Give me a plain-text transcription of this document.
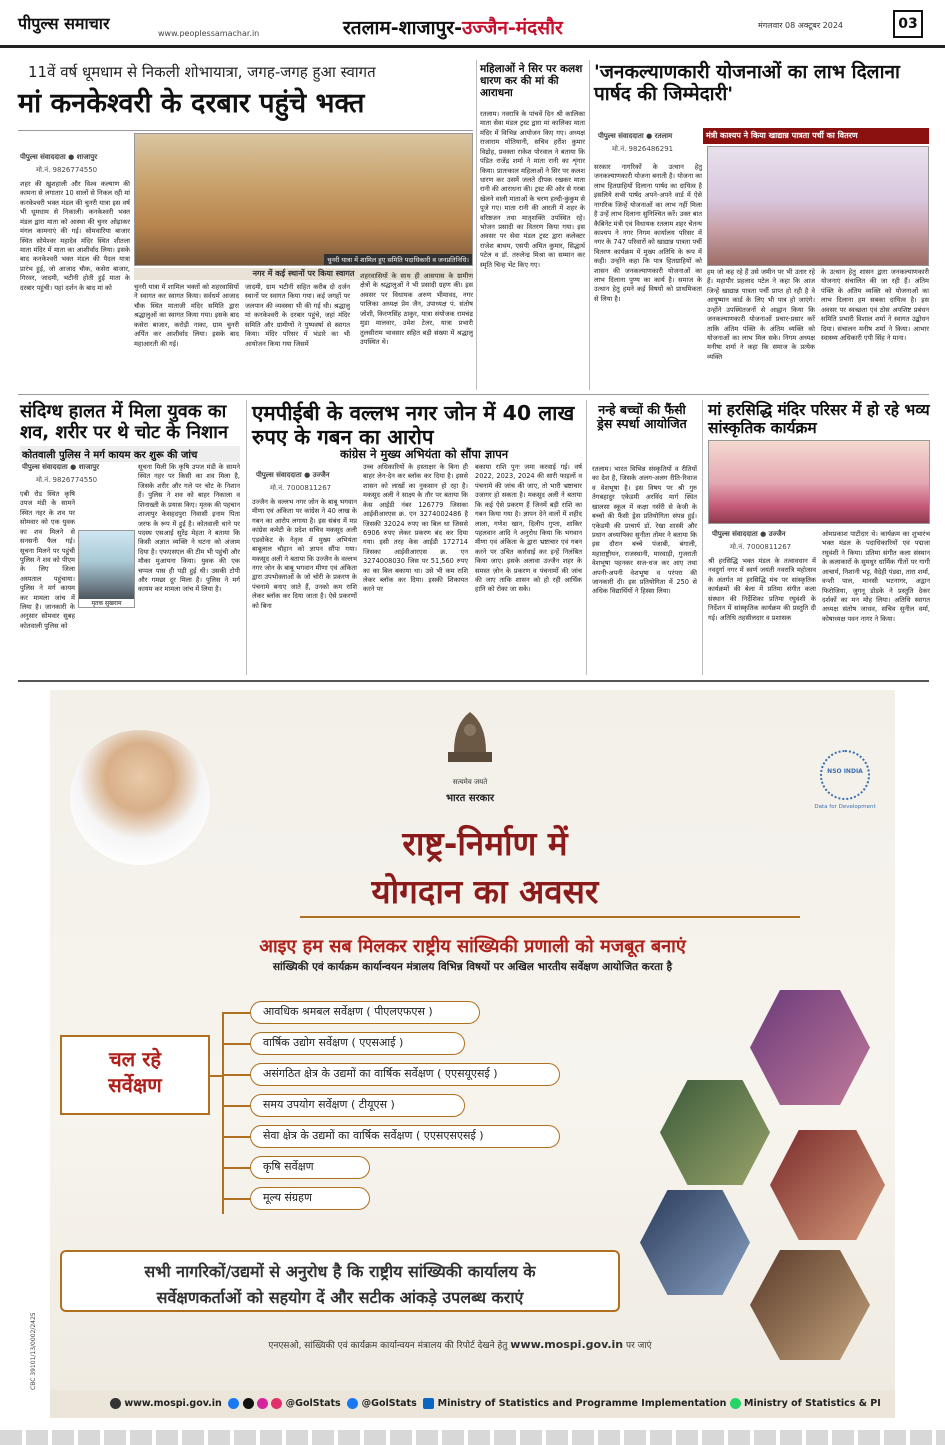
पीपुल्स समाचार
www.peoplessamachar.in	रतलाम-शाजापुर-उज्जैन-मंदसौर	मंगलवार 08 अक्टूबर 2024	03
11वें वर्ष धूमधाम से निकली शोभायात्रा, जगह-जगह हुआ स्वागत
मां कनकेश्वरी के दरबार पहुंचे भक्त
पीपुल्स संवाददाता ● शाजापुर
मो.नं. 9826774550
शहर की खुशहाली और विश्व कल्याण की कामना से लगातार 10 सालों से निकल रही मां कनकेश्वरी भक्त मंडल की चुनरी यात्रा इस वर्ष भी धूमधाम से निकाली। कनकेश्वरी भक्त मंडल द्वारा माता को आस्था की चुनर ओढ़ाकर मंगल कामनाएं की गई। सोमवारिया बाजार स्थित सोमेश्वर महादेव मंदिर स्थित शीतला माता मंदिर में माता का आशीर्वाद लिया। इसके बाद कनकेश्वरी भक्त मंडल की पैदल यात्रा प्रारंभ हुई, जो आजाद चौक, कसेरा बाजार, गिरवर, जादमी, भटीनी होती हुई माता के दरबार पहुंची। यहां दर्शन के बाद मां को
चुनरी यात्रा में शामिल हुए समिति पदाधिकारी व जनप्रतिनिधि।
नगर में कई स्थानों पर किया स्वागत
चुनरी यात्रा में शामिल भक्तों को शहरवासियों ने स्वागत कर स्वागत किया। सर्वधर्म आजाद चौक स्थित माताजी मंदिर समिति द्वारा श्रद्धालुओं का स्वागत किया गया। इसके बाद कसेरा बाजार, करोड़ी नाका, ग्राम चुनरी अर्पित कर आशीर्वाद लिया। इसके बाद महाआरती की गई।
जादमी, ग्राम भटीनी सहित करीब दो दर्जन स्थानों पर स्वागत किया गया। कई जगहों पर जलपान की व्यवस्था भी की गई थी। श्रद्धालु मां कनकेश्वरी के दरबार पहुंचे, जहां मंदिर समिति और ग्रामीणों ने पुष्पवर्षा से स्वागत किया। मंदिर परिसर में भंडारे का भी आयोजन किया गया जिसमें
शहरवासियों के साथ ही आसपास के ग्रामीण क्षेत्रों के श्रद्धालुओं ने भी प्रसादी ग्रहण की। इस अवसर पर विधायक अरुण भीमावद, नगर पालिका अध्यक्ष प्रेम जैन, उपाध्यक्ष पं. संतोष जोशी, किरणसिंह ठाकुर, यात्रा संयोजक रामचंद्र मुडा मालवार, उमेश टेलर, यात्रा प्रभारी तुलसीराम भावसार सहित बड़ी संख्या में श्रद्धालु उपस्थित थे।
महिलाओं ने सिर पर कलश धारण कर की मां की आराधना
रतलाम। नवरात्रि के पांचवें दिन श्री कालिका माता सेवा मंडल ट्रस्ट द्वारा मां कालिका माता मंदिर में विभिन्न आयोजन किए गए। अध्यक्ष राजाराम मोतियानी, सचिव हरीश कुमार विद्रोह, प्रवक्ता राकेश पोरवाल ने बताया कि पंडित राजेंद्र शर्मा ने माता रानी का शृंगार किया। प्रातःकाल महिलाओं ने सिर पर कलश धारण कर उसमें जलते दीपक रखकर माता रानी की आराधना की। ट्रस्ट की ओर से गरबा खेलने वाली माताओं के चरण हल्दी-कुंकुम से पूजे गए। माता रानी की आरती में शहर के वरिष्ठजन तथा मातृशक्ति उपस्थित रहे। भोजन प्रसादी का वितरण किया गया। इस अवसर पर सेवा मंडल ट्रस्ट द्वारा कलेक्टर राजेश बाथम, एसपी अमित कुमार, सिद्धार्थ पटेल व डॉ. तरुलेन्द्र मिश्रा का सम्मान कर स्मृति चिन्ह भेंट किए गए।
'जनकल्याणकारी योजनाओं का लाभ दिलाना पार्षद की जिम्मेदारी'
मंत्री काश्यप ने किया खाद्यान्न पात्रता पर्ची का वितरण
पीपुल्स संवाददाता ● रतलाम
मो.नं. 9826486291
सरकार नागरिकों के उत्थान हेतु जनकल्याणकारी योजना बनाती है। योजना का लाभ हितग्राहियों दिलाना पार्षद का दायित्व है इसलिये सभी पार्षद अपने-अपने वार्ड में ऐसे नागरिक जिन्हें योजनाओं का लाभ नहीं मिला है उन्हें लाभ दिलाना सुनिश्चित करें। उक्त बात कैबिनेट मंत्री एवं विधायक रतलाम शहर चेतन्य काश्यप ने नगर निगम कार्यालय परिसर में नगर के 747 परिवारों को खाद्यान्न पात्रता पर्ची वितरण कार्यक्रम में मुख्य अतिथि के रूप में कही। उन्होंने कहा कि पात्र हितग्राहियों को शासन की जनकल्याणकारी योजनाओं का लाभ दिलाना पुण्य का कार्य है। समाज के उत्थान हेतु हमने कई विषयों को प्राथमिकता से लिया है।
हम जो कह रहे हैं उसे जमीन पर भी उतार रहे हैं। महापौर प्रहलाद पटेल ने कहा कि आज जिन्हें खाद्यान्न पात्रता पर्ची प्राप्त हो रही है वे आयुष्मान कार्ड के लिए भी पात्र हो जाएंगे। उन्होंने उपस्थितजनों से आह्वान किया कि जनकल्याणकारी योजनाओं प्रचार-प्रसार करें ताकि अंतिम पंक्ति के अंतिम व्यक्ति को योजनाओं का लाभ मिल सके। निगम अध्यक्ष मनीषा शर्मा ने कहा कि समाज के प्रत्येक व्यक्ति
के उत्थान हेतु शासन द्वारा जनकल्याणकारी योजनाएं संचालित की जा रही हैं। अंतिम पंक्ति के अंतिम व्यक्ति को योजनाओं का लाभ दिलाना हम सबका दायित्व है। इस अवसर पर स्वच्छता एवं ठोस अपशिष्ट प्रबंधन समिति प्रभारी विशाल शर्मा ने स्वागत उद्बोधन दिया। संचालन मनीष शर्मा ने किया। आभार स्वास्थ्य अधिकारी एपी सिंह ने माना।
संदिग्ध हालत में मिला युवक का शव, शरीर पर थे चोट के निशान
कोतवाली पुलिस ने मर्ग कायम कर शुरू की जांच
पीपुल्स संवाददाता ● शाजापुर
मो.नं. 9826774550
एबी रोड स्थित कृषि उपज मंडी के सामने स्थित नहर के शव पर सोमवार को एक युवक का शव मिलने से सनसनी फैल गई। सूचना मिलने पर पहुंची पुलिस ने शव को पीएम के लिए जिला अस्पताल पहुंचाया। पुलिस ने मर्ग कायम कर मामला जांच में लिया है। जानकारी के अनुसार सोमवार सुबह कोतवाली पुलिस को
मृतक सुखराम
सूचना मिली कि कृषि उपज मंडी के सामने स्थित नहर पर किसी का शव मिला है, जिसके शरीर और गले पर चोट के निशान हैं। पुलिस ने शव को बाहर निकाला व शिनाख्ती के प्रयास किए। मृतक की पहचान शाजापुर केसहदपुरा निवासी इनाम पिता जरफ के रूप में हुई है। कोतवाली थाने पर पदस्थ एसआई सुरेंद्र मेहता ने बताया कि किसी अज्ञात व्यक्ति ने घटना को अंजाम दिया है। एफएसएल की टीम भी पहुंची और मौका मुआयना किया। युवक की एक चप्पल पास ही पड़ी हुई थी। उसकी टोपी और गमछा दूर मिला है। पुलिस ने मर्ग कायम कर मामला जांच में लिया है।
एमपीईबी के वल्लभ नगर जोन में 40 लाख रुपए के गबन का आरोप
कांग्रेस ने मुख्य अभियंता को सौंपा ज्ञापन
पीपुल्स संवाददाता ● उज्जैन
मो.नं. 7000811267
उज्जैन के वल्लभ नगर जोन के बाबू भगवान मीणा एवं अंकिता पर कांग्रेस ने 40 लाख के गबन का आरोप लगाया है। इस संबंध में मप्र कांग्रेस कमेटी के प्रदेश सचिव मकसूद अली एडवोकेट के नेतृत्व में मुख्य अभियंता बाबूलाल चौहान को ज्ञापन सौंपा गया। मकसूद अली ने बताया कि उज्जैन के वल्लभ नगर जोन के बाबू भगवान मीणा एवं अंकिता द्वारा उपभोक्ताओं के जो चोरी के प्रकरण के पंचनामे बनाए जाते हैं, उनको कम राशि लेकर ब्लॉक कर दिया जाता है। ऐसे प्रकरणों को बिना
उच्च अधिकारियों के हस्ताक्षर के बिना ही बाहर लेन-देन कर ब्लॉक कर दिया है। इससे शासन को लाखों का नुकसान हो रहा है। मकसूद अली ने साक्ष्य के तौर पर बताया कि केस आईडी नंबर 126779 जिसका आईवीआरएस क्र. एन 3274002486 है जिसकी 32024 रुपए का बिल था जिससे 6906 रुपए लेकर प्रकरण बंद कर दिया गया। इसी तरह केस आईडी 172714 जिसका आईवीआरएस क्र. एन 3274008030 जिस पर 51,560 रुपए का का बिल बकाया था। उसे भी कम राशि लेकर ब्लॉक कर दिया। इसकी शिकायत करने पर
बकाया राशि पुनः जमा करवाई गई। वर्ष 2022, 2023, 2024 की सारी फाइलों व पंचनामे की जांच की जाए, तो भारी भ्रष्टाचार उजागर हो सकता है। मकसूद अली ने बताया कि कई ऐसे प्रकरण हैं जिनमें बड़ी राशि का गबन किया गया है। ज्ञापन देने वालों में शहीद लाला, गणेश खान, दिलीप गुप्ता, शाकिर पहलवान आदि ने अनुरोध किया कि भगवान मीणा एवं अंकिता के द्वारा भ्रष्टाचार एवं गबन करने पर उचित कार्रवाई कर इन्हें निलंबित किया जाए। इसके अलावा उज्जैन शहर के समस्त ज़ोन के प्रकरण व पंचनामों की जांच की जाए ताकि शासन को हो रही आर्थिक हानि को रोका जा सके।
नन्हे बच्चों की फैंसी ड्रेस स्पर्धा आयोजित
रतलाम। भारत विभिन्न संस्कृतियों व रीतियों का देश है, जिसके अलग-अलग रीति-रिवाज व वेशभूषा है। इस विषय पर श्री गुरु तेगबहादुर एकेडमी अरविंद मार्ग स्थित खालसा स्कूल में कक्षा नर्सरी से केजी के बच्चों की फैंसी ड्रेस प्रतियोगिता संपन्न हुई। एकेडमी की प्राचार्य डॉ. रेखा शास्त्री और प्रधान अध्यापिका सुनीता तोमर ने बताया कि इस दौरान बच्चे पंजाबी, बंगाली, महाराष्ट्रीयन, राजस्थानी, मारवाड़ी, गुजराती वेशभूषा पहनकर सज-धज कर आए तथा अपनी-अपनी वेशभूषा व परंपरा की जानकारी दी। इस प्रतियोगिता में 250 से अधिक विद्यार्थियों ने हिस्सा लिया।
मां हरसिद्धि मंदिर परिसर में हो रहे भव्य सांस्कृतिक कार्यक्रम
पीपुल्स संवाददाता ● उज्जैन
मो.नं. 7000811267
श्री हरसिद्धि भक्त मंडल के तत्वावधान में नवदुर्गा नगर में स्वर्ण जयंती नवरात्रि महोत्सव के अंतर्गत मां हरसिद्धि मंच पर सांस्कृतिक कार्यक्रमों की बेला में प्रतिमा संगीत कला संस्थान की निर्देशिका प्रतिमा रघुवंशी के निर्देशन में सांस्कृतिक कार्यक्रम की प्रस्तुति दी गई। अतिथि तहसीलदार व प्रशासक
ओमप्रकाश पाटीदार थे। कार्यक्रम का शुभारंभ भक्त मंडल के पदाधिकारियों एवं पद्मजा रघुवंशी ने किया। प्रतिमा संगीत कला संस्थान के कलाकारों के सुमधुर धार्मिक गीतों पर गागी आचार्य, निशानी भट्ट, वैदेही पंड्या, तारा शर्मा, वन्शी पाल, मानसी भटनागर, अद्वान फिरोजिया, जुगनू डोडके ने प्रस्तुति देकर दर्शकों का मन मोह लिया। अतिथि स्वागत अध्यक्ष संतोष जाधव, सचिव सुनील वर्मा, कोषाध्यक्ष पवन नागर ने किया।
सत्यमेव जयते
भारत सरकार
NSO INDIA
Data for Development
राष्ट्र-निर्माण में
योगदान का अवसर
आइए हम सब मिलकर राष्ट्रीय सांख्यिकी प्रणाली को मजबूत बनाएं
सांख्यिकी एवं कार्यक्रम कार्यान्वयन मंत्रालय विभिन्न विषयों पर अखिल भारतीय सर्वेक्षण आयोजित करता है
चल रहे
सर्वेक्षण
आवधिक श्रमबल सर्वेक्षण ( पीएलएफएस )
वार्षिक उद्योग सर्वेक्षण ( एएसआई )
असंगठित क्षेत्र के उद्यमों का वार्षिक सर्वेक्षण ( एएसयूएसई )
समय उपयोग सर्वेक्षण ( टीयूएस )
सेवा क्षेत्र के उद्यमों का वार्षिक सर्वेक्षण ( एएसएसएसई )
कृषि सर्वेक्षण
मूल्य संग्रहण
सभी नागरिकों/उद्यमों से अनुरोध है कि राष्ट्रीय सांख्यिकी कार्यालय के
सर्वेक्षणकर्ताओं को सहयोग दें और सटीक आंकड़े उपलब्ध कराएं
एनएसओ, सांख्यिकी एवं कार्यक्रम कार्यान्वयन मंत्रालय की रिपोर्ट देखने हेतु www.mospi.gov.in पर जाएं
CBC 39101/13/0002/2425
www.mospi.gov.in	@GolStats @GolStats Ministry of Statistics and Programme Implementation Ministry of Statistics & PI
